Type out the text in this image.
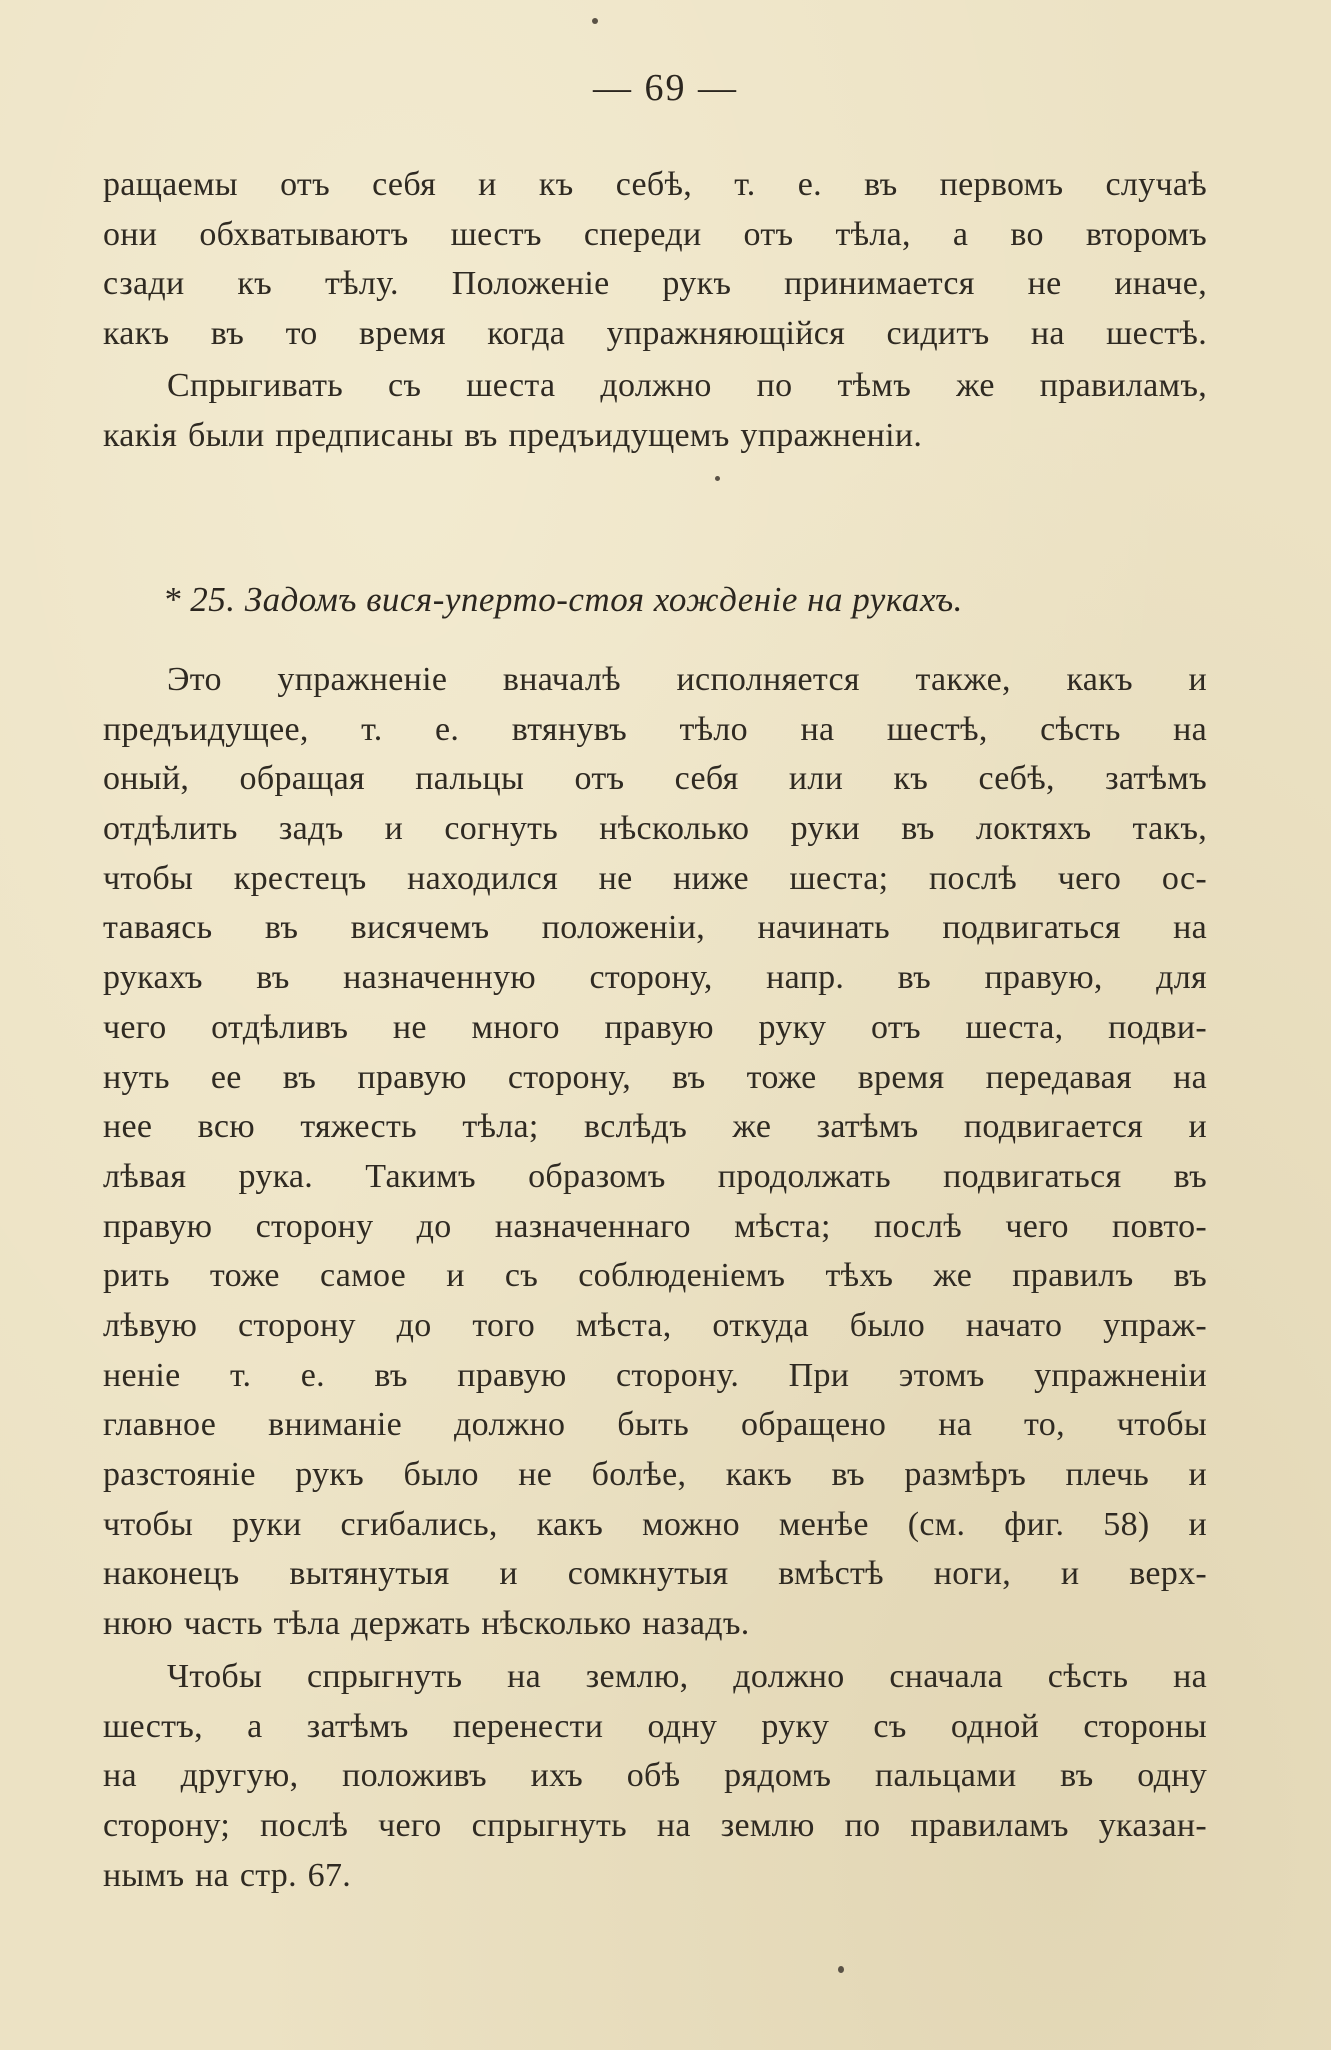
— 69 —
ращаемы отъ себя и къ себѣ, т. е. въ первомъ случаѣ
они обхватываютъ шестъ спереди отъ тѣла, а во второмъ
сзади къ тѣлу. Положеніе рукъ принимается не иначе,
какъ въ то время когда упражняющійся сидитъ на шестѣ.
Спрыгивать съ шеста должно по тѣмъ же правиламъ,
какія были предписаны въ предъидущемъ упражненіи.
* 25. Задомъ вися-уперто-стоя хожденіе на рукахъ.
Это упражненіе вначалѣ исполняется также, какъ и
предъидущее, т. е. втянувъ тѣло на шестѣ, сѣсть на
оный, обращая пальцы отъ себя или къ себѣ, затѣмъ
отдѣлить задъ и согнуть нѣсколько руки въ локтяхъ такъ,
чтобы крестецъ находился не ниже шеста; послѣ чего ос-
таваясь въ висячемъ положеніи, начинать подвигаться на
рукахъ въ назначенную сторону, напр. въ правую, для
чего отдѣливъ не много правую руку отъ шеста, подви-
нуть ее въ правую сторону, въ тоже время передавая на
нее всю тяжесть тѣла; вслѣдъ же затѣмъ подвигается и
лѣвая рука. Такимъ образомъ продолжать подвигаться въ
правую сторону до назначеннаго мѣста; послѣ чего повто-
рить тоже самое и съ соблюденіемъ тѣхъ же правилъ въ
лѣвую сторону до того мѣста, откуда было начато упраж-
неніе т. е. въ правую сторону. При этомъ упражненіи
главное вниманіе должно быть обращено на то, чтобы
разстояніе рукъ было не болѣе, какъ въ размѣръ плечь и
чтобы руки сгибались, какъ можно менѣе (см. фиг. 58) и
наконецъ вытянутыя и сомкнутыя вмѣстѣ ноги, и верх-
нюю часть тѣла держать нѣсколько назадъ.
Чтобы спрыгнуть на землю, должно сначала сѣсть на
шестъ, а затѣмъ перенести одну руку съ одной стороны
на другую, положивъ ихъ обѣ рядомъ пальцами въ одну
сторону; послѣ чего спрыгнуть на землю по правиламъ указан-
нымъ на стр. 67.
